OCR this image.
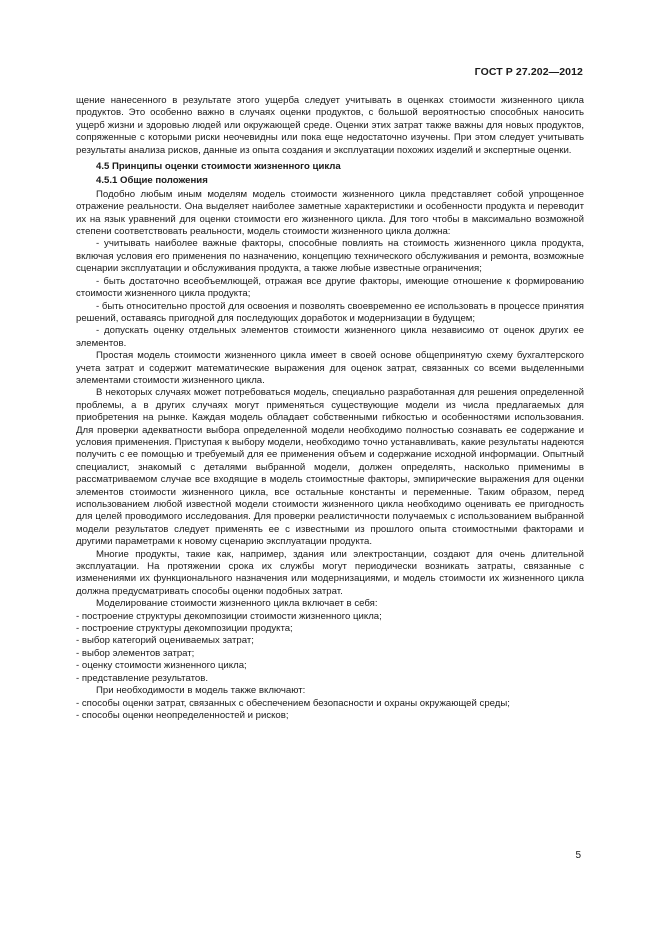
ГОСТ Р 27.202—2012

щение нанесенного в результате этого ущерба следует учитывать в оценках стоимости жизненного цикла продуктов. Это особенно важно в случаях оценки продуктов, с большой вероятностью способных наносить ущерб жизни и здоровью людей или окружающей среде. Оценки этих затрат также важны для новых продуктов, сопряженные с которыми риски неочевидны или пока еще недостаточно изучены. При этом следует учитывать результаты анализа рисков, данные из опыта создания и эксплуатации похожих изделий и экспертные оценки.

4.5 Принципы оценки стоимости жизненного цикла

4.5.1 Общие положения

Подобно любым иным моделям модель стоимости жизненного цикла представляет собой упрощенное отражение реальности. Она выделяет наиболее заметные характеристики и особенности продукта и переводит их на язык уравнений для оценки стоимости его жизненного цикла. Для того чтобы в максимально возможной степени соответствовать реальности, модель стоимости жизненного цикла должна:

- учитывать наиболее важные факторы, способные повлиять на стоимость жизненного цикла продукта, включая условия его применения по назначению, концепцию технического обслуживания и ремонта, возможные сценарии эксплуатации и обслуживания продукта, а также любые известные ограничения;

- быть достаточно всеобъемлющей, отражая все другие факторы, имеющие отношение к формированию стоимости жизненного цикла продукта;

- быть относительно простой для освоения и позволять своевременно ее использовать в процессе принятия решений, оставаясь пригодной для последующих доработок и модернизации в будущем;

- допускать оценку отдельных элементов стоимости жизненного цикла независимо от оценок других ее элементов.

Простая модель стоимости жизненного цикла имеет в своей основе общепринятую схему бухгалтерского учета затрат и содержит математические выражения для оценок затрат, связанных со всеми выделенными элементами стоимости жизненного цикла.

В некоторых случаях может потребоваться модель, специально разработанная для решения определенной проблемы, а в других случаях могут применяться существующие модели из числа предлагаемых для приобретения на рынке. Каждая модель обладает собственными гибкостью и особенностями использования. Для проверки адекватности выбора определенной модели необходимо полностью сознавать ее содержание и условия применения. Приступая к выбору модели, необходимо точно устанавливать, какие результаты надеются получить с ее помощью и требуемый для ее применения объем и содержание исходной информации. Опытный специалист, знакомый с деталями выбранной модели, должен определять, насколько применимы в рассматриваемом случае все входящие в модель стоимостные факторы, эмпирические выражения для оценки элементов стоимости жизненного цикла, все остальные константы и переменные. Таким образом, перед использованием любой известной модели стоимости жизненного цикла необходимо оценивать ее пригодность для целей проводимого исследования. Для проверки реалистичности получаемых с использованием выбранной модели результатов следует применять ее с известными из прошлого опыта стоимостными факторами и другими параметрами к новому сценарию эксплуатации продукта.

Многие продукты, такие как, например, здания или электростанции, создают для очень длительной эксплуатации. На протяжении срока их службы могут периодически возникать затраты, связанные с изменениями их функционального назначения или модернизациями, и модель стоимости их жизненного цикла должна предусматривать способы оценки подобных затрат.

Моделирование стоимости жизненного цикла включает в себя:

- построение структуры декомпозиции стоимости жизненного цикла;

- построение структуры декомпозиции продукта;

- выбор категорий оцениваемых затрат;

- выбор элементов затрат;

- оценку стоимости жизненного цикла;

- представление результатов.

При необходимости в модель также включают:

- способы оценки затрат, связанных с обеспечением безопасности и охраны окружающей среды;

- способы оценки неопределенностей и рисков;

5
